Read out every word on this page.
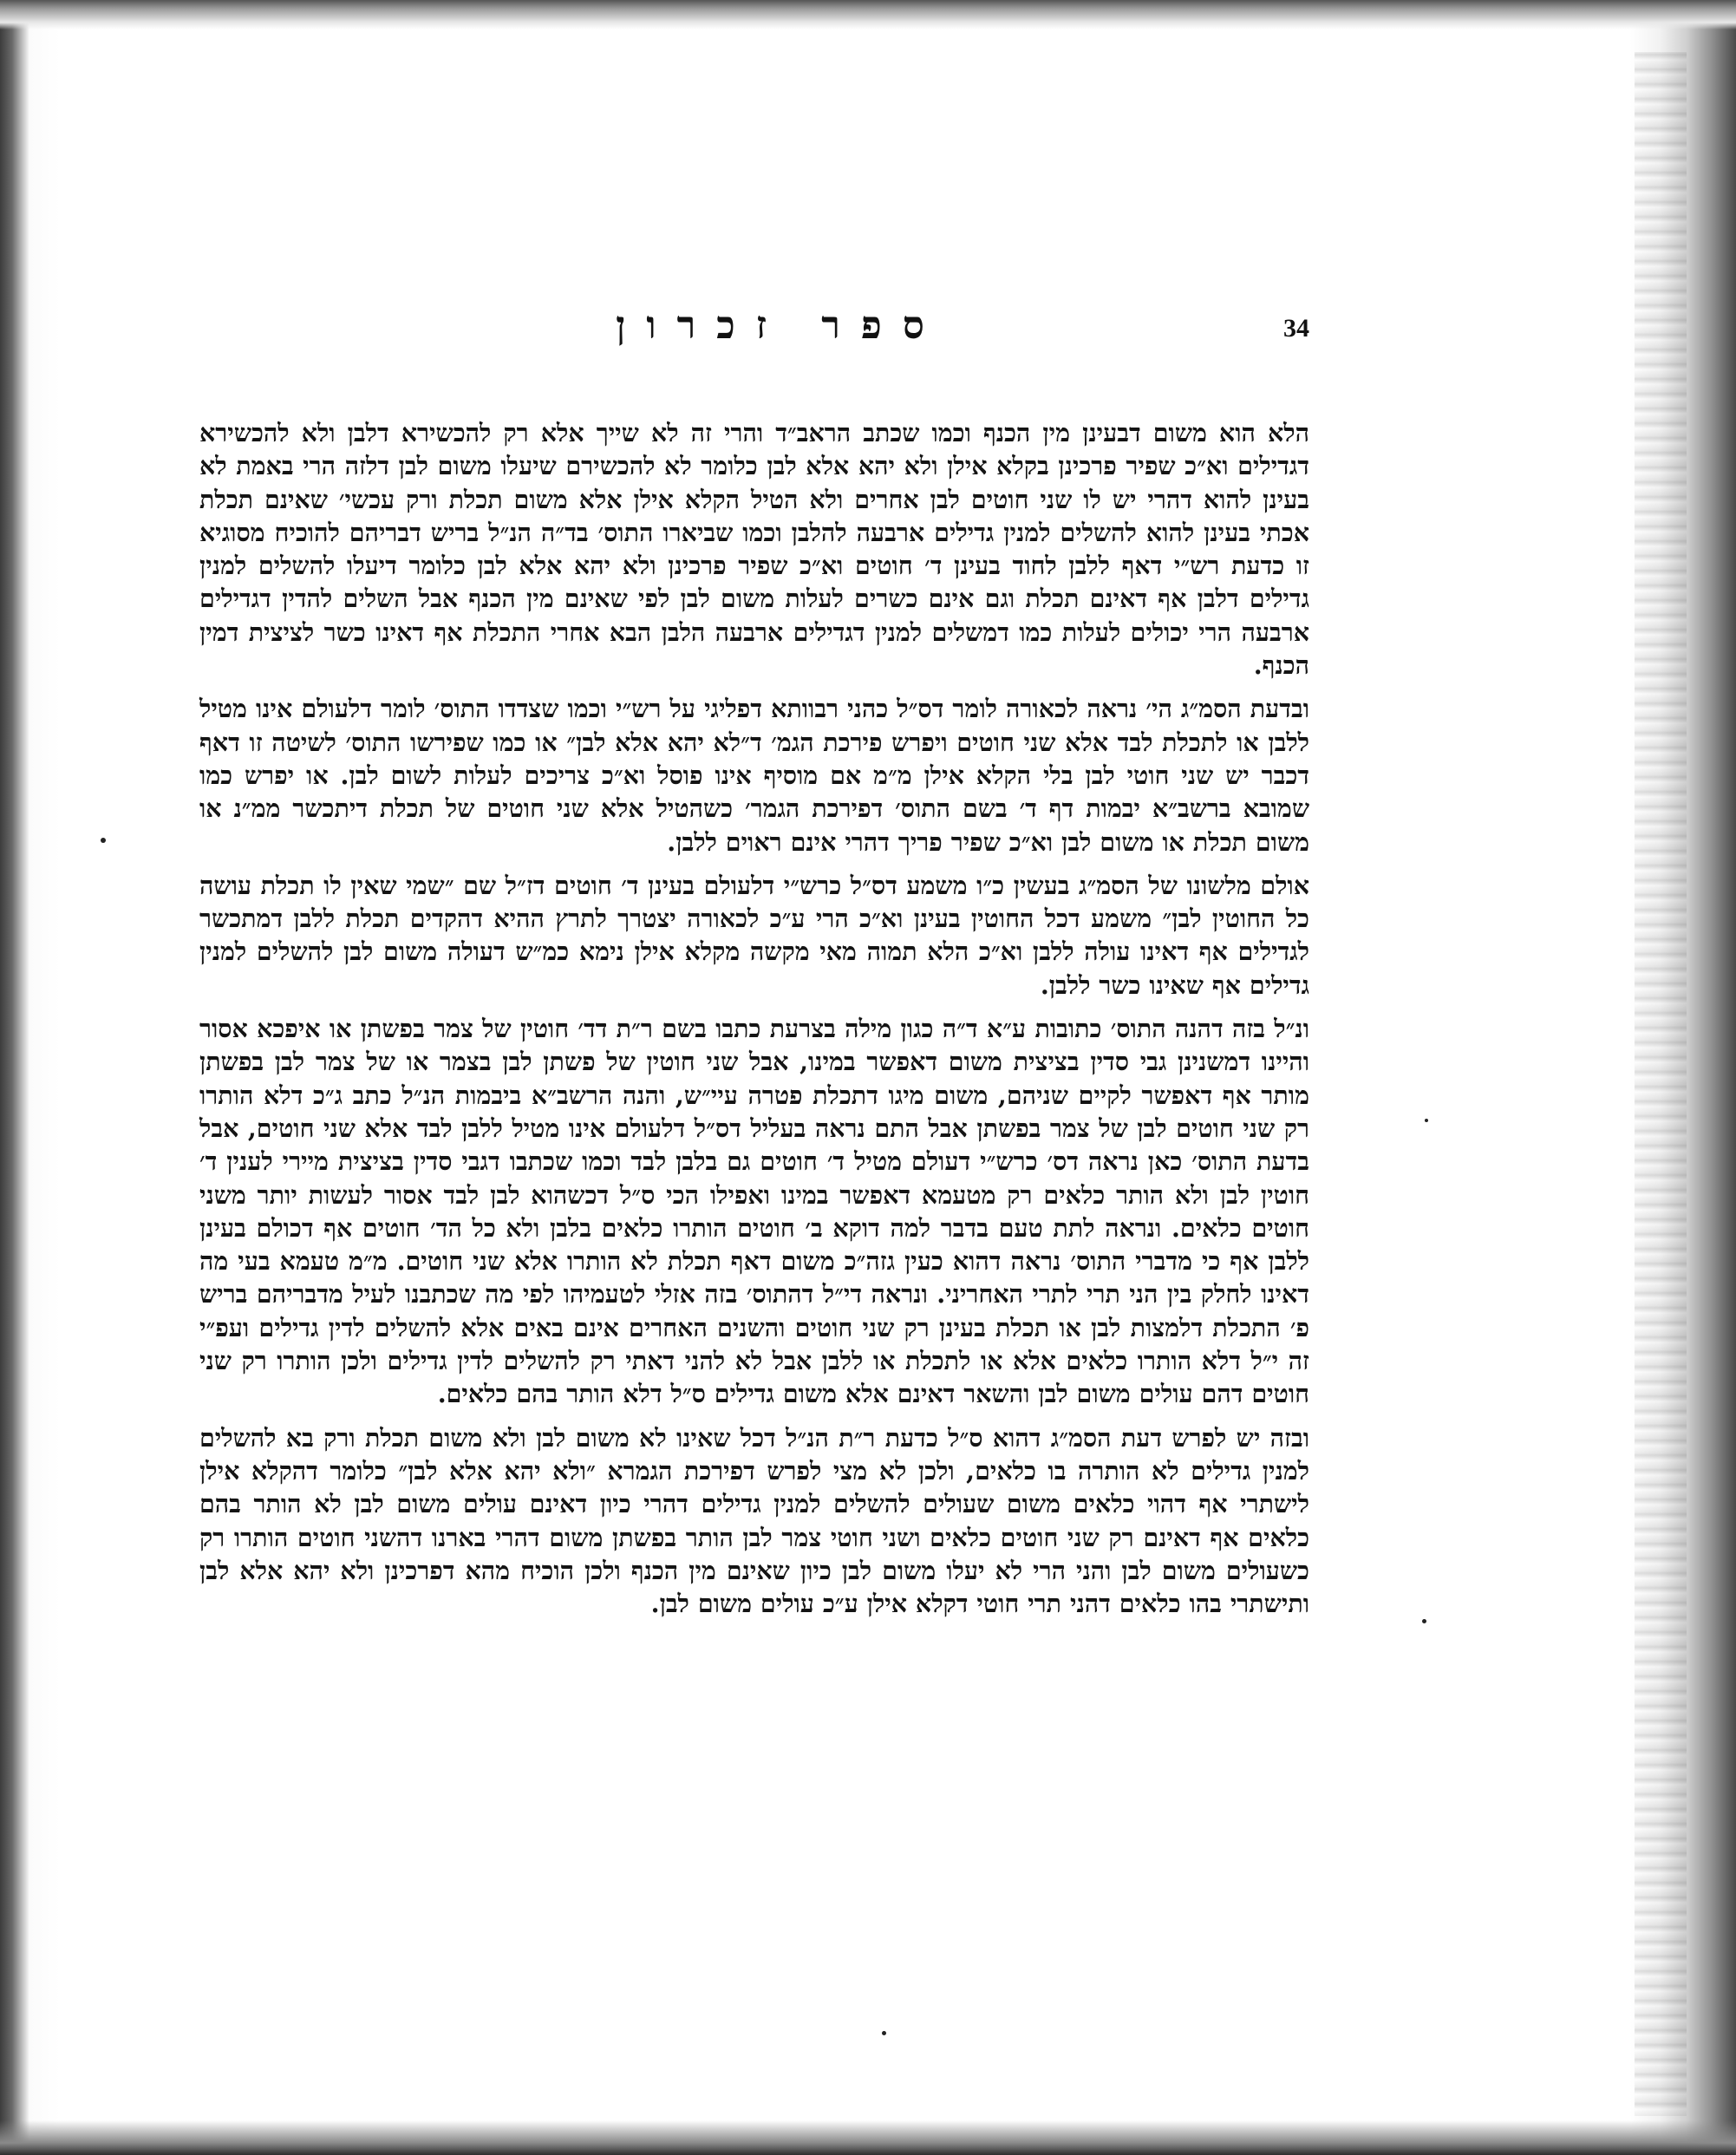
ספר זכרון	34

הלא הוא משום דבעינן מין הכנף וכמו שכתב הראב״ד והרי זה לא שייך אלא רק להכשירא דלבן ולא להכשירא דגדילים וא״כ שפיר פרכינן בקלא אילן ולא יהא אלא לבן כלומר לא להכשירם שיעלו משום לבן דלזה הרי באמת לא בעינן להוא דהרי יש לו שני חוטים לבן אחרים ולא הטיל הקלא אילן אלא משום תכלת ורק עכשי׳ שאינם תכלת אכתי בעינן להוא להשלים למנין גדילים ארבעה להלבן וכמו שביארו התוס׳ בד״ה הנ״ל בריש דבריהם להוכיח מסוגיא זו כדעת רש״י דאף ללבן לחוד בעינן ד׳ חוטים וא״כ שפיר פרכינן ולא יהא אלא לבן כלומר דיעלו להשלים למנין גדילים דלבן אף דאינם תכלת וגם אינם כשרים לעלות משום לבן לפי שאינם מין הכנף אבל השלים להדין דגדילים ארבעה הרי יכולים לעלות כמו דמשלים למנין דגדילים ארבעה הלבן הבא אחרי התכלת אף דאינו כשר לציצית דמין הכנף.

ובדעת הסמ״ג הי׳ נראה לכאורה לומר דס״ל כהני רבוותא דפליגי על רש״י וכמו שצדדו התוס׳ לומר דלעולם אינו מטיל ללבן או לתכלת לבד אלא שני חוטים ויפרש פירכת הגמ׳ ד״לא יהא אלא לבן״ או כמו שפירשו התוס׳ לשיטה זו דאף דכבר יש שני חוטי לבן בלי הקלא אילן מ״מ אם מוסיף אינו פוסל וא״כ צריכים לעלות לשום לבן. או יפרש כמו שמובא ברשב״א יבמות דף ד׳ בשם התוס׳ דפירכת הגמר׳ כשהטיל אלא שני חוטים של תכלת דיתכשר ממ״נ או משום תכלת או משום לבן וא״כ שפיר פריך דהרי אינם ראוים ללבן.

אולם מלשונו של הסמ״ג בעשין כ״ו משמע דס״ל כרש״י דלעולם בעינן ד׳ חוטים דז״ל שם ״שמי שאין לו תכלת עושה כל החוטין לבן״ משמע דכל החוטין בעינן וא״כ הרי ע״כ לכאורה יצטרך לתרץ ההיא דהקדים תכלת ללבן דמתכשר לגדילים אף דאינו עולה ללבן וא״כ הלא תמוה מאי מקשה מקלא אילן נימא כמ״ש דעולה משום לבן להשלים למנין גדילים אף שאינו כשר ללבן.

ונ״ל בזה דהנה התוס׳ כתובות ע״א ד״ה כגון מילה בצרעת כתבו בשם ר״ת דד׳ חוטין של צמר בפשתן או איפכא אסור והיינו דמשנינן גבי סדין בציצית משום דאפשר במינו, אבל שני חוטין של פשתן לבן בצמר או של צמר לבן בפשתן מותר אף דאפשר לקיים שניהם, משום מיגו דתכלת פטרה עיי״ש, והנה הרשב״א ביבמות הנ״ל כתב ג״כ דלא הותרו רק שני חוטים לבן של צמר בפשתן אבל התם נראה בעליל דס״ל דלעולם אינו מטיל ללבן לבד אלא שני חוטים, אבל בדעת התוס׳ כאן נראה דס׳ כרש״י דעולם מטיל ד׳ חוטים גם בלבן לבד וכמו שכתבו דגבי סדין בציצית מיירי לענין ד׳ חוטין לבן ולא הותר כלאים רק מטעמא דאפשר במינו ואפילו הכי ס״ל דכשהוא לבן לבד אסור לעשות יותר משני חוטים כלאים. ונראה לתת טעם בדבר למה דוקא ב׳ חוטים הותרו כלאים בלבן ולא כל הד׳ חוטים אף דכולם בעינן ללבן אף כי מדברי התוס׳ נראה דהוא כעין גזה״כ משום דאף תכלת לא הותרו אלא שני חוטים. מ״מ טעמא בעי מה דאינו לחלק בין הני תרי לתרי האחריני. ונראה די״ל דהתוס׳ בזה אזלי לטעמיהו לפי מה שכתבנו לעיל מדבריהם בריש פ׳ התכלת דלמצות לבן או תכלת בעינן רק שני חוטים והשנים האחרים אינם באים אלא להשלים לדין גדילים ועפ״י זה י״ל דלא הותרו כלאים אלא או לתכלת או ללבן אבל לא להני דאתי רק להשלים לדין גדילים ולכן הותרו רק שני חוטים דהם עולים משום לבן והשאר דאינם אלא משום גדילים ס״ל דלא הותר בהם כלאים.

ובזה יש לפרש דעת הסמ״ג דהוא ס״ל כדעת ר״ת הנ״ל דכל שאינו לא משום לבן ולא משום תכלת ורק בא להשלים למנין גדילים לא הותרה בו כלאים, ולכן לא מצי לפרש דפירכת הגמרא ״ולא יהא אלא לבן״ כלומר דהקלא אילן לישתרי אף דהוי כלאים משום שעולים להשלים למנין גדילים דהרי כיון דאינם עולים משום לבן לא הותר בהם כלאים אף דאינם רק שני חוטים כלאים ושני חוטי צמר לבן הותר בפשתן משום דהרי בארנו דהשני חוטים הותרו רק כשעולים משום לבן והני הרי לא יעלו משום לבן כיון שאינם מין הכנף ולכן הוכיח מהא דפרכינן ולא יהא אלא לבן ותישתרי בהו כלאים דהני תרי חוטי דקלא אילן ע״כ עולים משום לבן.
